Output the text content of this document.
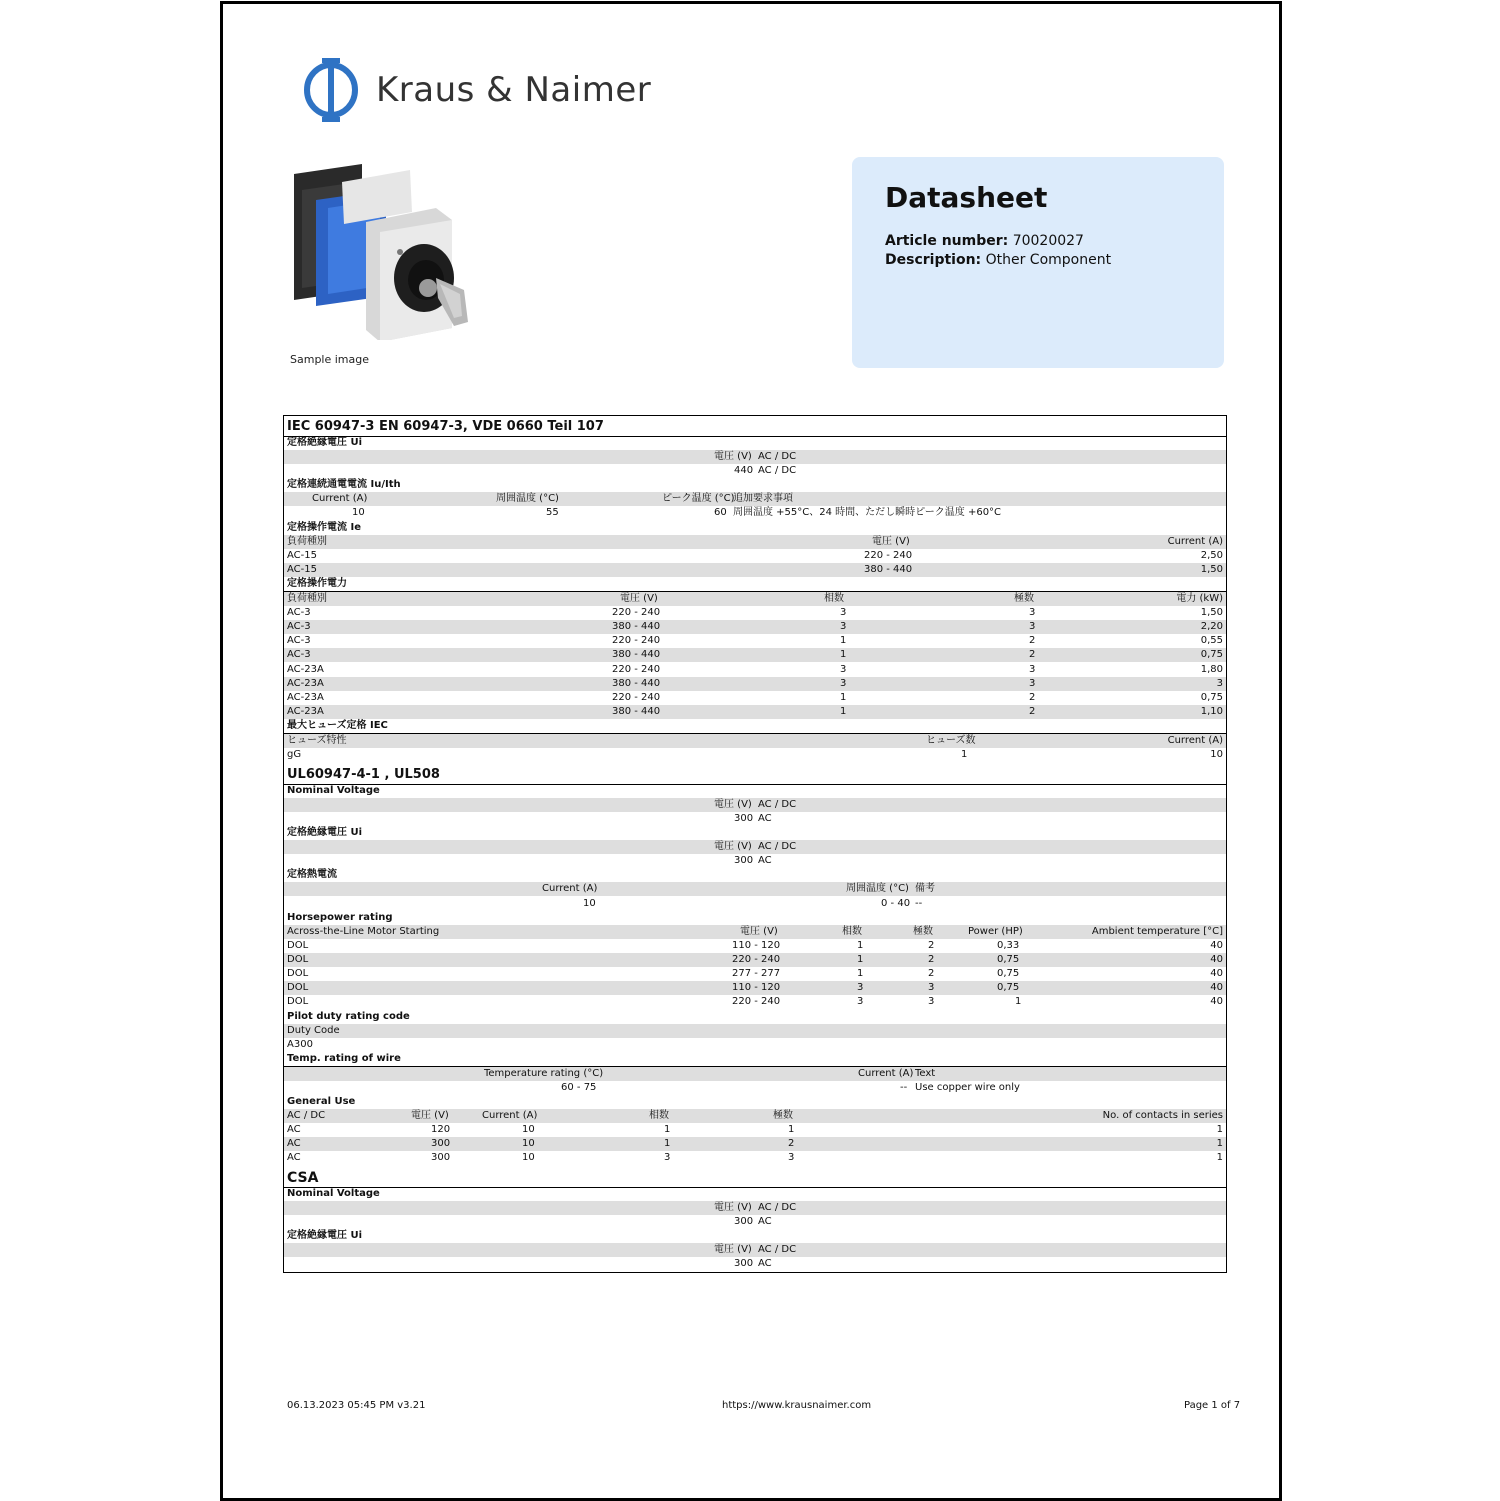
Kraus & Naimer
Sample image
Datasheet
Article number: 70020027
Description: Other Component
IEC 60947-3 EN 60947-3, VDE 0660 Teil 107
定格絶縁電圧 Ui
電圧 (V) AC / DC
440 AC / DC
定格連続通電電流 Iu/Ith
Current (A)	周囲温度 (°C)	ピーク温度 (°C)
追加要求事項
10	55	60 周囲温度 +55°C、24 時間、ただし瞬時ピーク温度 +60°C
定格操作電流 Ie
負荷種別	電圧 (V)	Current (A)
AC-15	220 - 240	2,50
AC-15	380 - 440	1,50
定格操作電力
負荷種別	電圧 (V)	相数	極数	電力 (kW)
AC-3	220 - 240	3	3	1,50
AC-3	380 - 440	3	3	2,20
AC-3	220 - 240	1	2	0,55
AC-3	380 - 440	1	2	0,75
AC-23A	220 - 240	3	3	1,80
AC-23A	380 - 440	3	3	3
AC-23A	220 - 240	1	2	0,75
AC-23A	380 - 440	1	2	1,10
最大ヒューズ定格 IEC
ヒューズ特性	ヒューズ数	Current (A)
gG	1	10
UL60947-4-1 , UL508
Nominal Voltage
電圧 (V) AC / DC
300 AC
定格絶縁電圧 Ui
電圧 (V) AC / DC
300 AC
定格熱電流
Current (A)	周囲温度 (°C) 備考
10	0 - 40 --
Horsepower rating
Across-the-Line Motor Starting	電圧 (V)	相数	極数	Power (HP)	Ambient temperature [°C]
DOL	110 - 120	1	2	0,33	40
DOL	220 - 240	1	2	0,75	40
DOL	277 - 277	1	2	0,75	40
DOL	110 - 120	3	3	0,75	40
DOL	220 - 240	3	3	1	40
Pilot duty rating code
Duty Code
A300
Temp. rating of wire
Temperature rating (°C)	Current (A) Text
60 - 75	-- Use copper wire only
General Use
AC / DC	電圧 (V)	Current (A)	相数	極数	No. of contacts in series
AC	120	10	1	1	1
AC	300	10	1	2	1
AC	300	10	3	3	1
CSA
Nominal Voltage
電圧 (V) AC / DC
300 AC
定格絶縁電圧 Ui
電圧 (V) AC / DC
300 AC
06.13.2023 05:45 PM v3.21	https://www.krausnaimer.com	Page 1 of 7
